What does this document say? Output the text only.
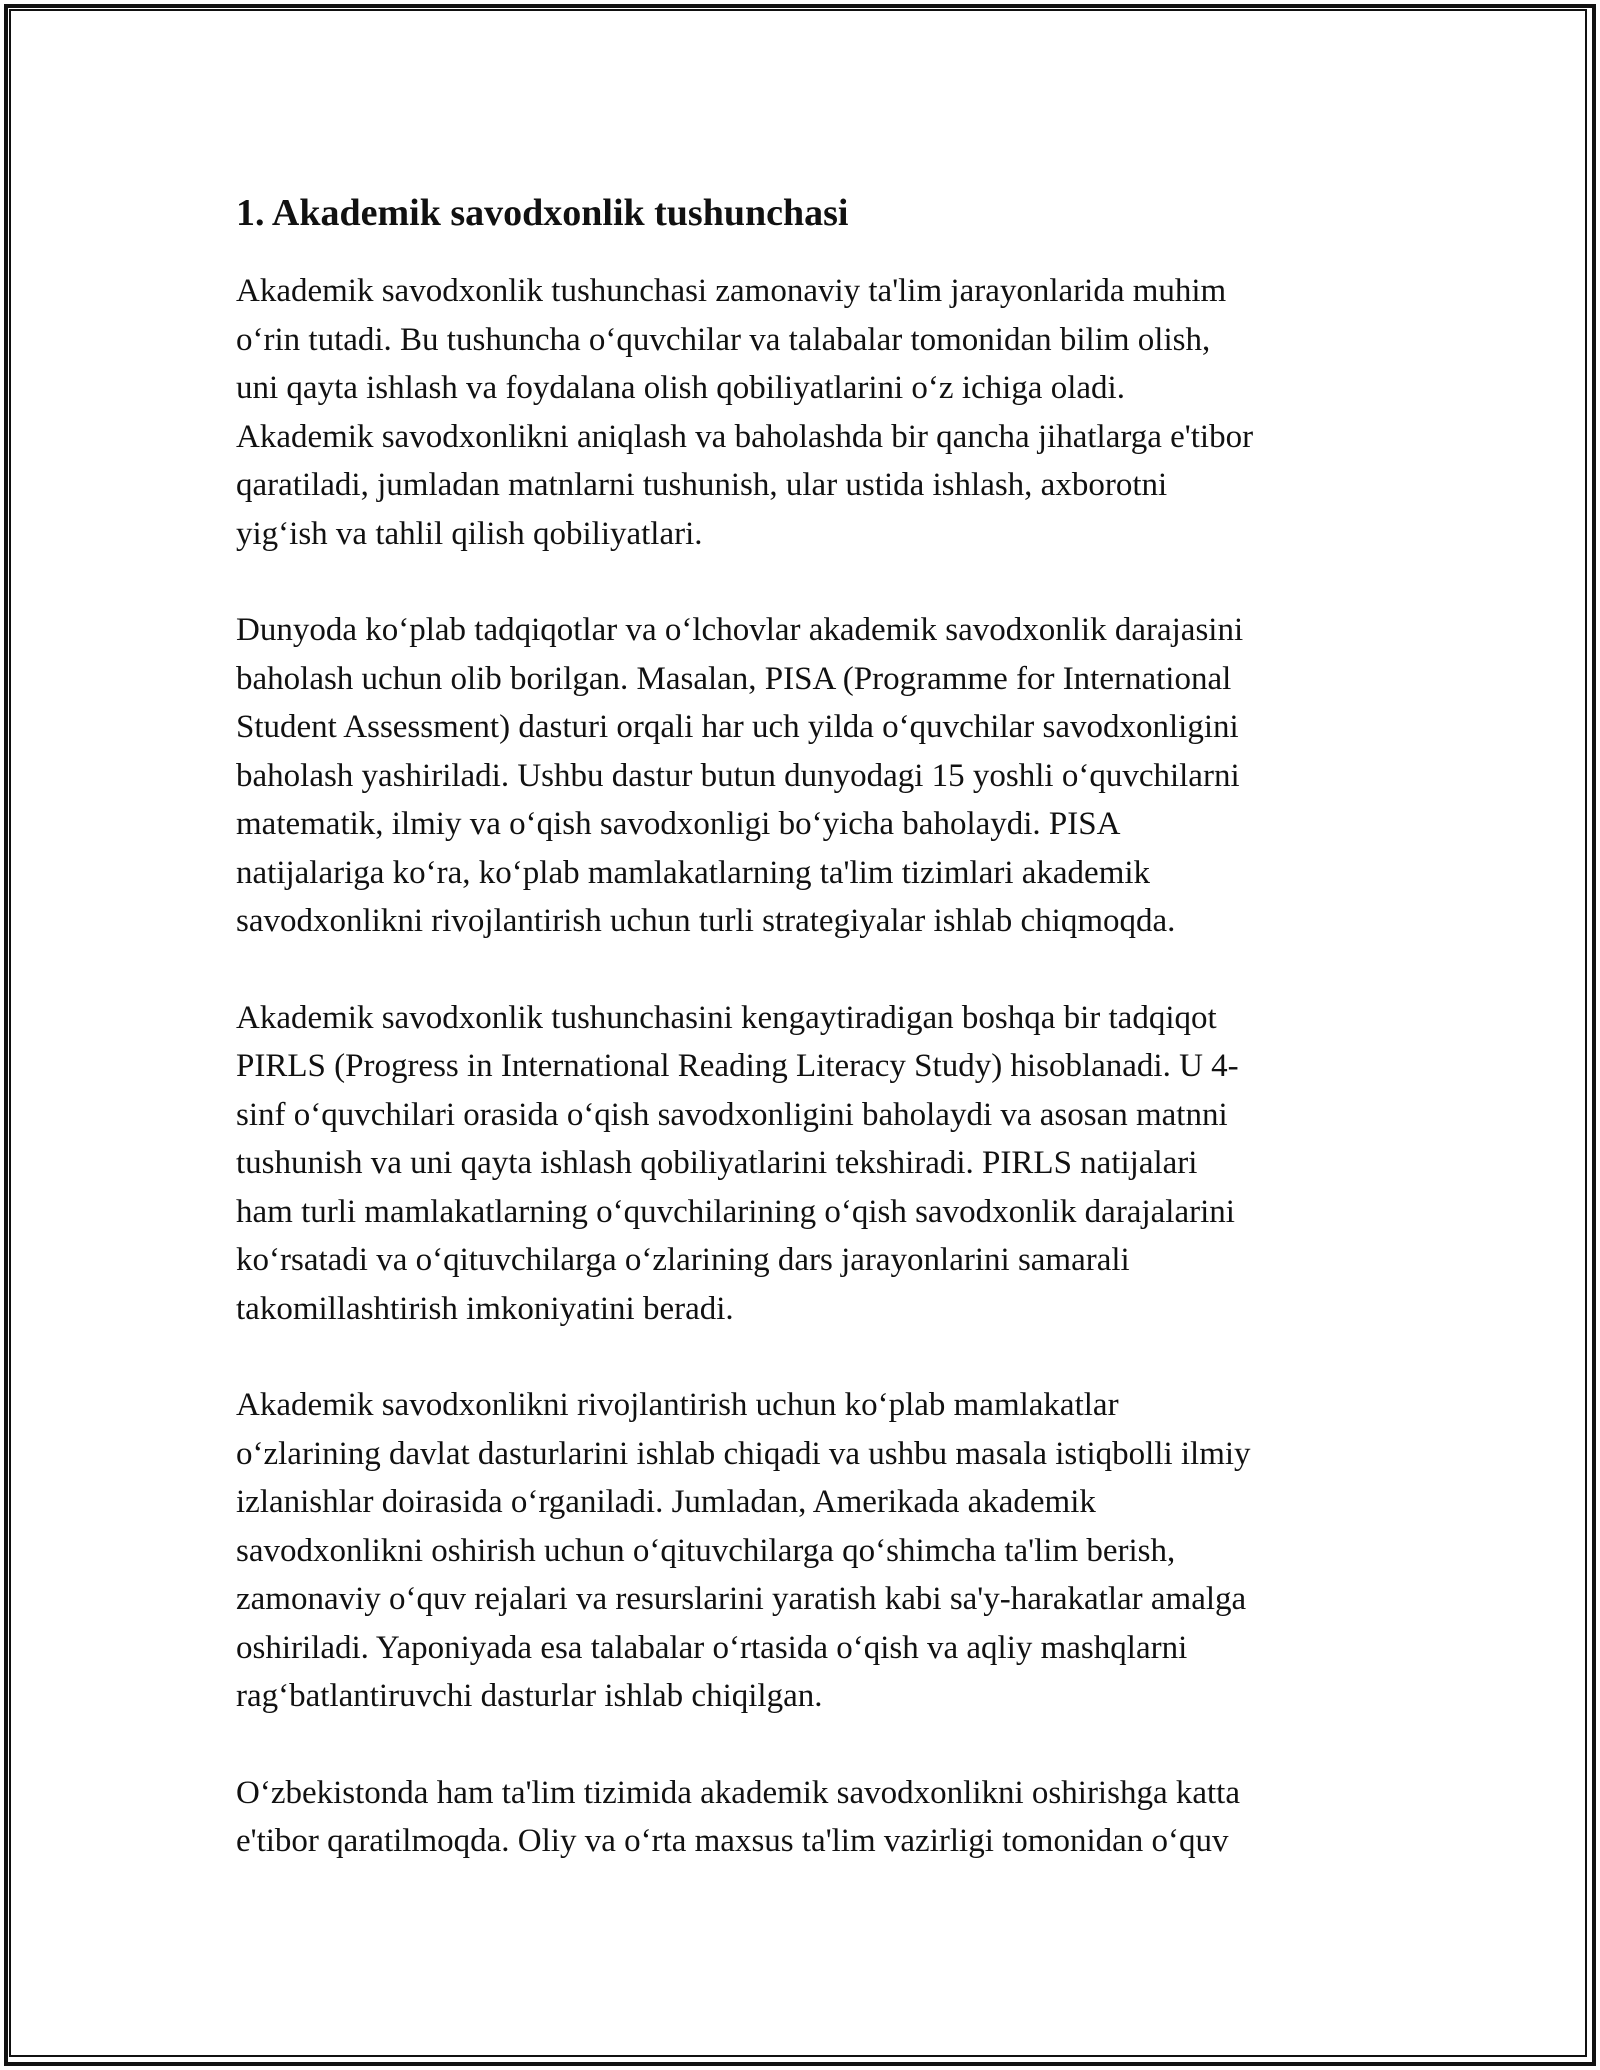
1. Akademik savodxonlik tushunchasi

Akademik savodxonlik tushunchasi zamonaviy ta'lim jarayonlarida muhim
o‘rin tutadi. Bu tushuncha o‘quvchilar va talabalar tomonidan bilim olish,
uni qayta ishlash va foydalana olish qobiliyatlarini o‘z ichiga oladi.
Akademik savodxonlikni aniqlash va baholashda bir qancha jihatlarga e'tibor
qaratiladi, jumladan matnlarni tushunish, ular ustida ishlash, axborotni
yig‘ish va tahlil qilish qobiliyatlari.

Dunyoda ko‘plab tadqiqotlar va o‘lchovlar akademik savodxonlik darajasini
baholash uchun olib borilgan. Masalan, PISA (Programme for International
Student Assessment) dasturi orqali har uch yilda o‘quvchilar savodxonligini
baholash yashiriladi. Ushbu dastur butun dunyodagi 15 yoshli o‘quvchilarni
matematik, ilmiy va o‘qish savodxonligi bo‘yicha baholaydi. PISA
natijalariga ko‘ra, ko‘plab mamlakatlarning ta'lim tizimlari akademik
savodxonlikni rivojlantirish uchun turli strategiyalar ishlab chiqmoqda.

Akademik savodxonlik tushunchasini kengaytiradigan boshqa bir tadqiqot
PIRLS (Progress in International Reading Literacy Study) hisoblanadi. U 4-
sinf o‘quvchilari orasida o‘qish savodxonligini baholaydi va asosan matnni
tushunish va uni qayta ishlash qobiliyatlarini tekshiradi. PIRLS natijalari
ham turli mamlakatlarning o‘quvchilarining o‘qish savodxonlik darajalarini
ko‘rsatadi va o‘qituvchilarga o‘zlarining dars jarayonlarini samarali
takomillashtirish imkoniyatini beradi.

Akademik savodxonlikni rivojlantirish uchun ko‘plab mamlakatlar
o‘zlarining davlat dasturlarini ishlab chiqadi va ushbu masala istiqbolli ilmiy
izlanishlar doirasida o‘rganiladi. Jumladan, Amerikada akademik
savodxonlikni oshirish uchun o‘qituvchilarga qo‘shimcha ta'lim berish,
zamonaviy o‘quv rejalari va resurslarini yaratish kabi sa'y-harakatlar amalga
oshiriladi. Yaponiyada esa talabalar o‘rtasida o‘qish va aqliy mashqlarni
rag‘batlantiruvchi dasturlar ishlab chiqilgan.

O‘zbekistonda ham ta'lim tizimida akademik savodxonlikni oshirishga katta
e'tibor qaratilmoqda. Oliy va o‘rta maxsus ta'lim vazirligi tomonidan o‘quv
